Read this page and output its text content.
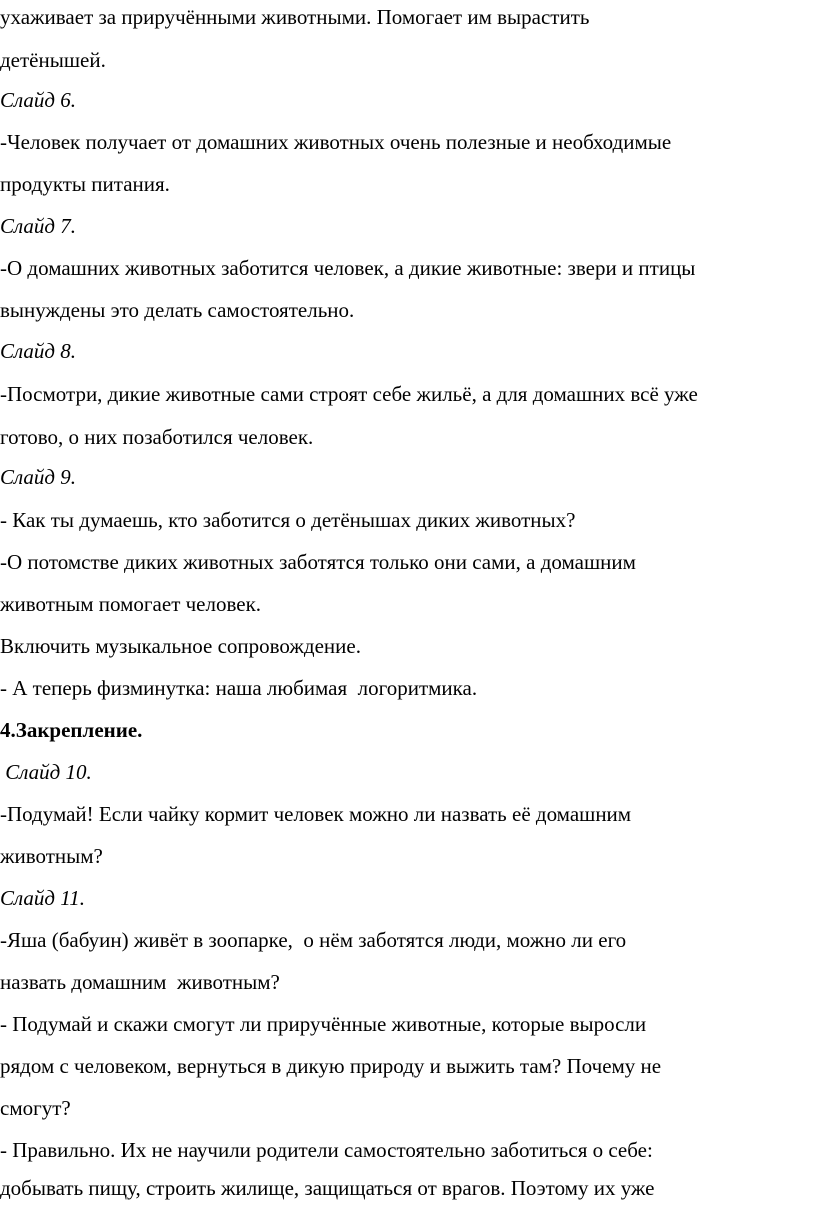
ухаживает за приручёнными животными. Помогает им вырастить
детёнышей.
Слайд 6.
-Человек получает от домашних животных очень полезные и необходимые
продукты питания.
Слайд 7.
-О домашних животных заботится человек, а дикие животные: звери и птицы
вынуждены это делать самостоятельно.
Слайд 8.
-Посмотри, дикие животные сами строят себе жильё, а для домашних всё уже
готово, о них позаботился человек.
Слайд 9.
- Как ты думаешь, кто заботится о детёнышах диких животных?
-О потомстве диких животных заботятся только они сами, а домашним
животным помогает человек.
Включить музыкальное сопровождение.
- А теперь физминутка: наша любимая  логоритмика.
4.Закрепление.
Слайд 10.
-Подумай! Если чайку кормит человек можно ли назвать её домашним
животным?
Слайд 11.
-Яша (бабуин) живёт в зоопарке,  о нём заботятся люди, можно ли его
назвать домашним  животным?
- Подумай и скажи смогут ли приручённые животные, которые выросли
рядом с человеком, вернуться в дикую природу и выжить там? Почему не
смогут?
- Правильно. Их не научили родители самостоятельно заботиться о себе:
добывать пищу, строить жилище, защищаться от врагов. Поэтому их уже
